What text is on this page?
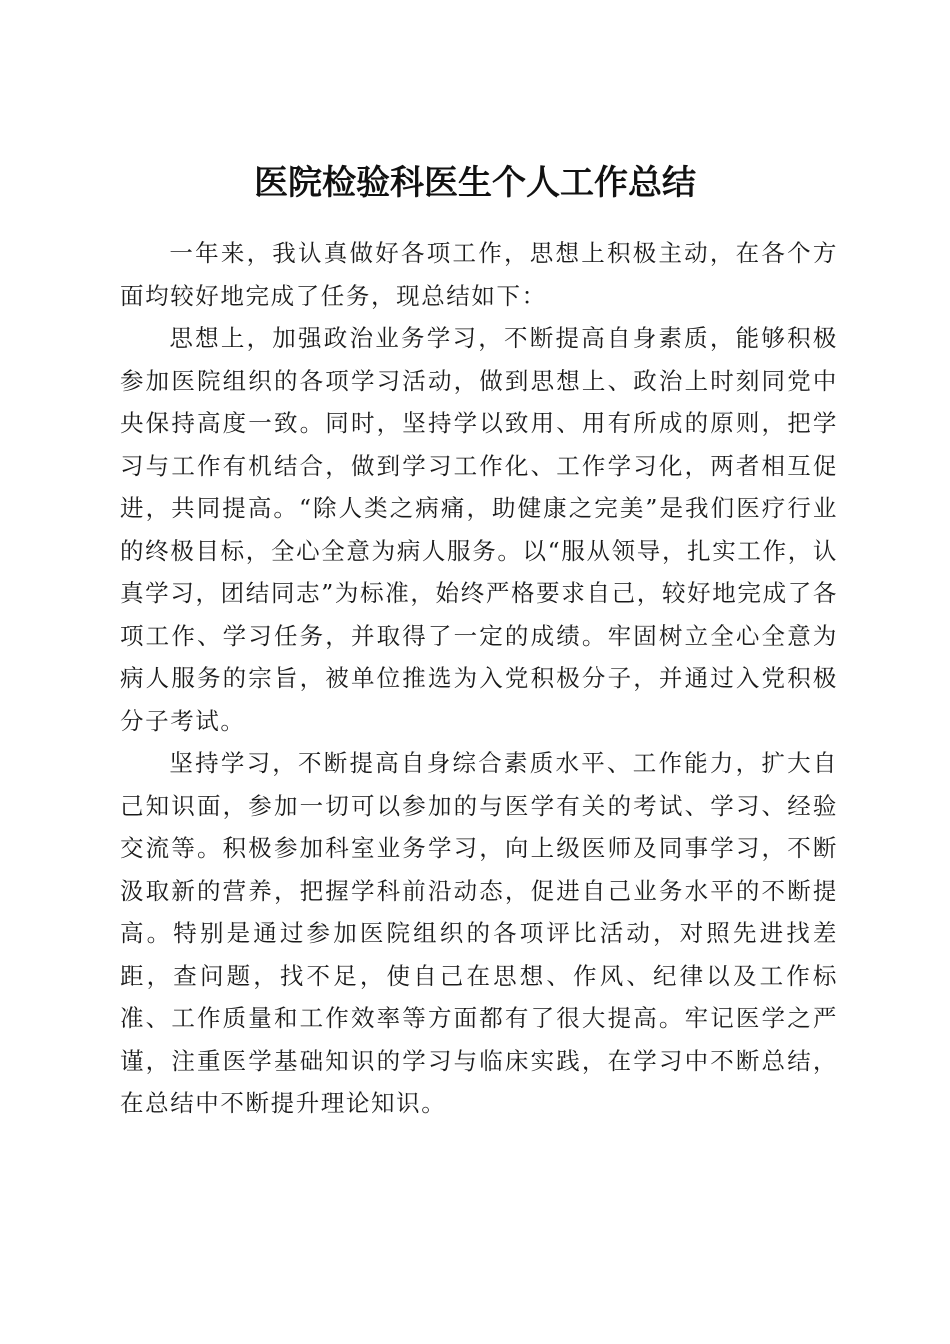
医院检验科医生个人工作总结

一年来，我认真做好各项工作，思想上积极主动，在各个方面均较好地完成了任务，现总结如下：

思想上，加强政治业务学习，不断提高自身素质，能够积极参加医院组织的各项学习活动，做到思想上、政治上时刻同党中央保持高度一致。同时，坚持学以致用、用有所成的原则，把学习与工作有机结合，做到学习工作化、工作学习化，两者相互促进，共同提高。“除人类之病痛，助健康之完美”是我们医疗行业的终极目标，全心全意为病人服务。以“服从领导，扎实工作，认真学习，团结同志”为标准，始终严格要求自己，较好地完成了各项工作、学习任务，并取得了一定的成绩。牢固树立全心全意为病人服务的宗旨，被单位推选为入党积极分子，并通过入党积极分子考试。

坚持学习，不断提高自身综合素质水平、工作能力，扩大自己知识面，参加一切可以参加的与医学有关的考试、学习、经验交流等。积极参加科室业务学习，向上级医师及同事学习，不断汲取新的营养，把握学科前沿动态，促进自己业务水平的不断提高。特别是通过参加医院组织的各项评比活动，对照先进找差距，查问题，找不足，使自己在思想、作风、纪律以及工作标准、工作质量和工作效率等方面都有了很大提高。牢记医学之严谨，注重医学基础知识的学习与临床实践，在学习中不断总结，在总结中不断提升理论知识。
